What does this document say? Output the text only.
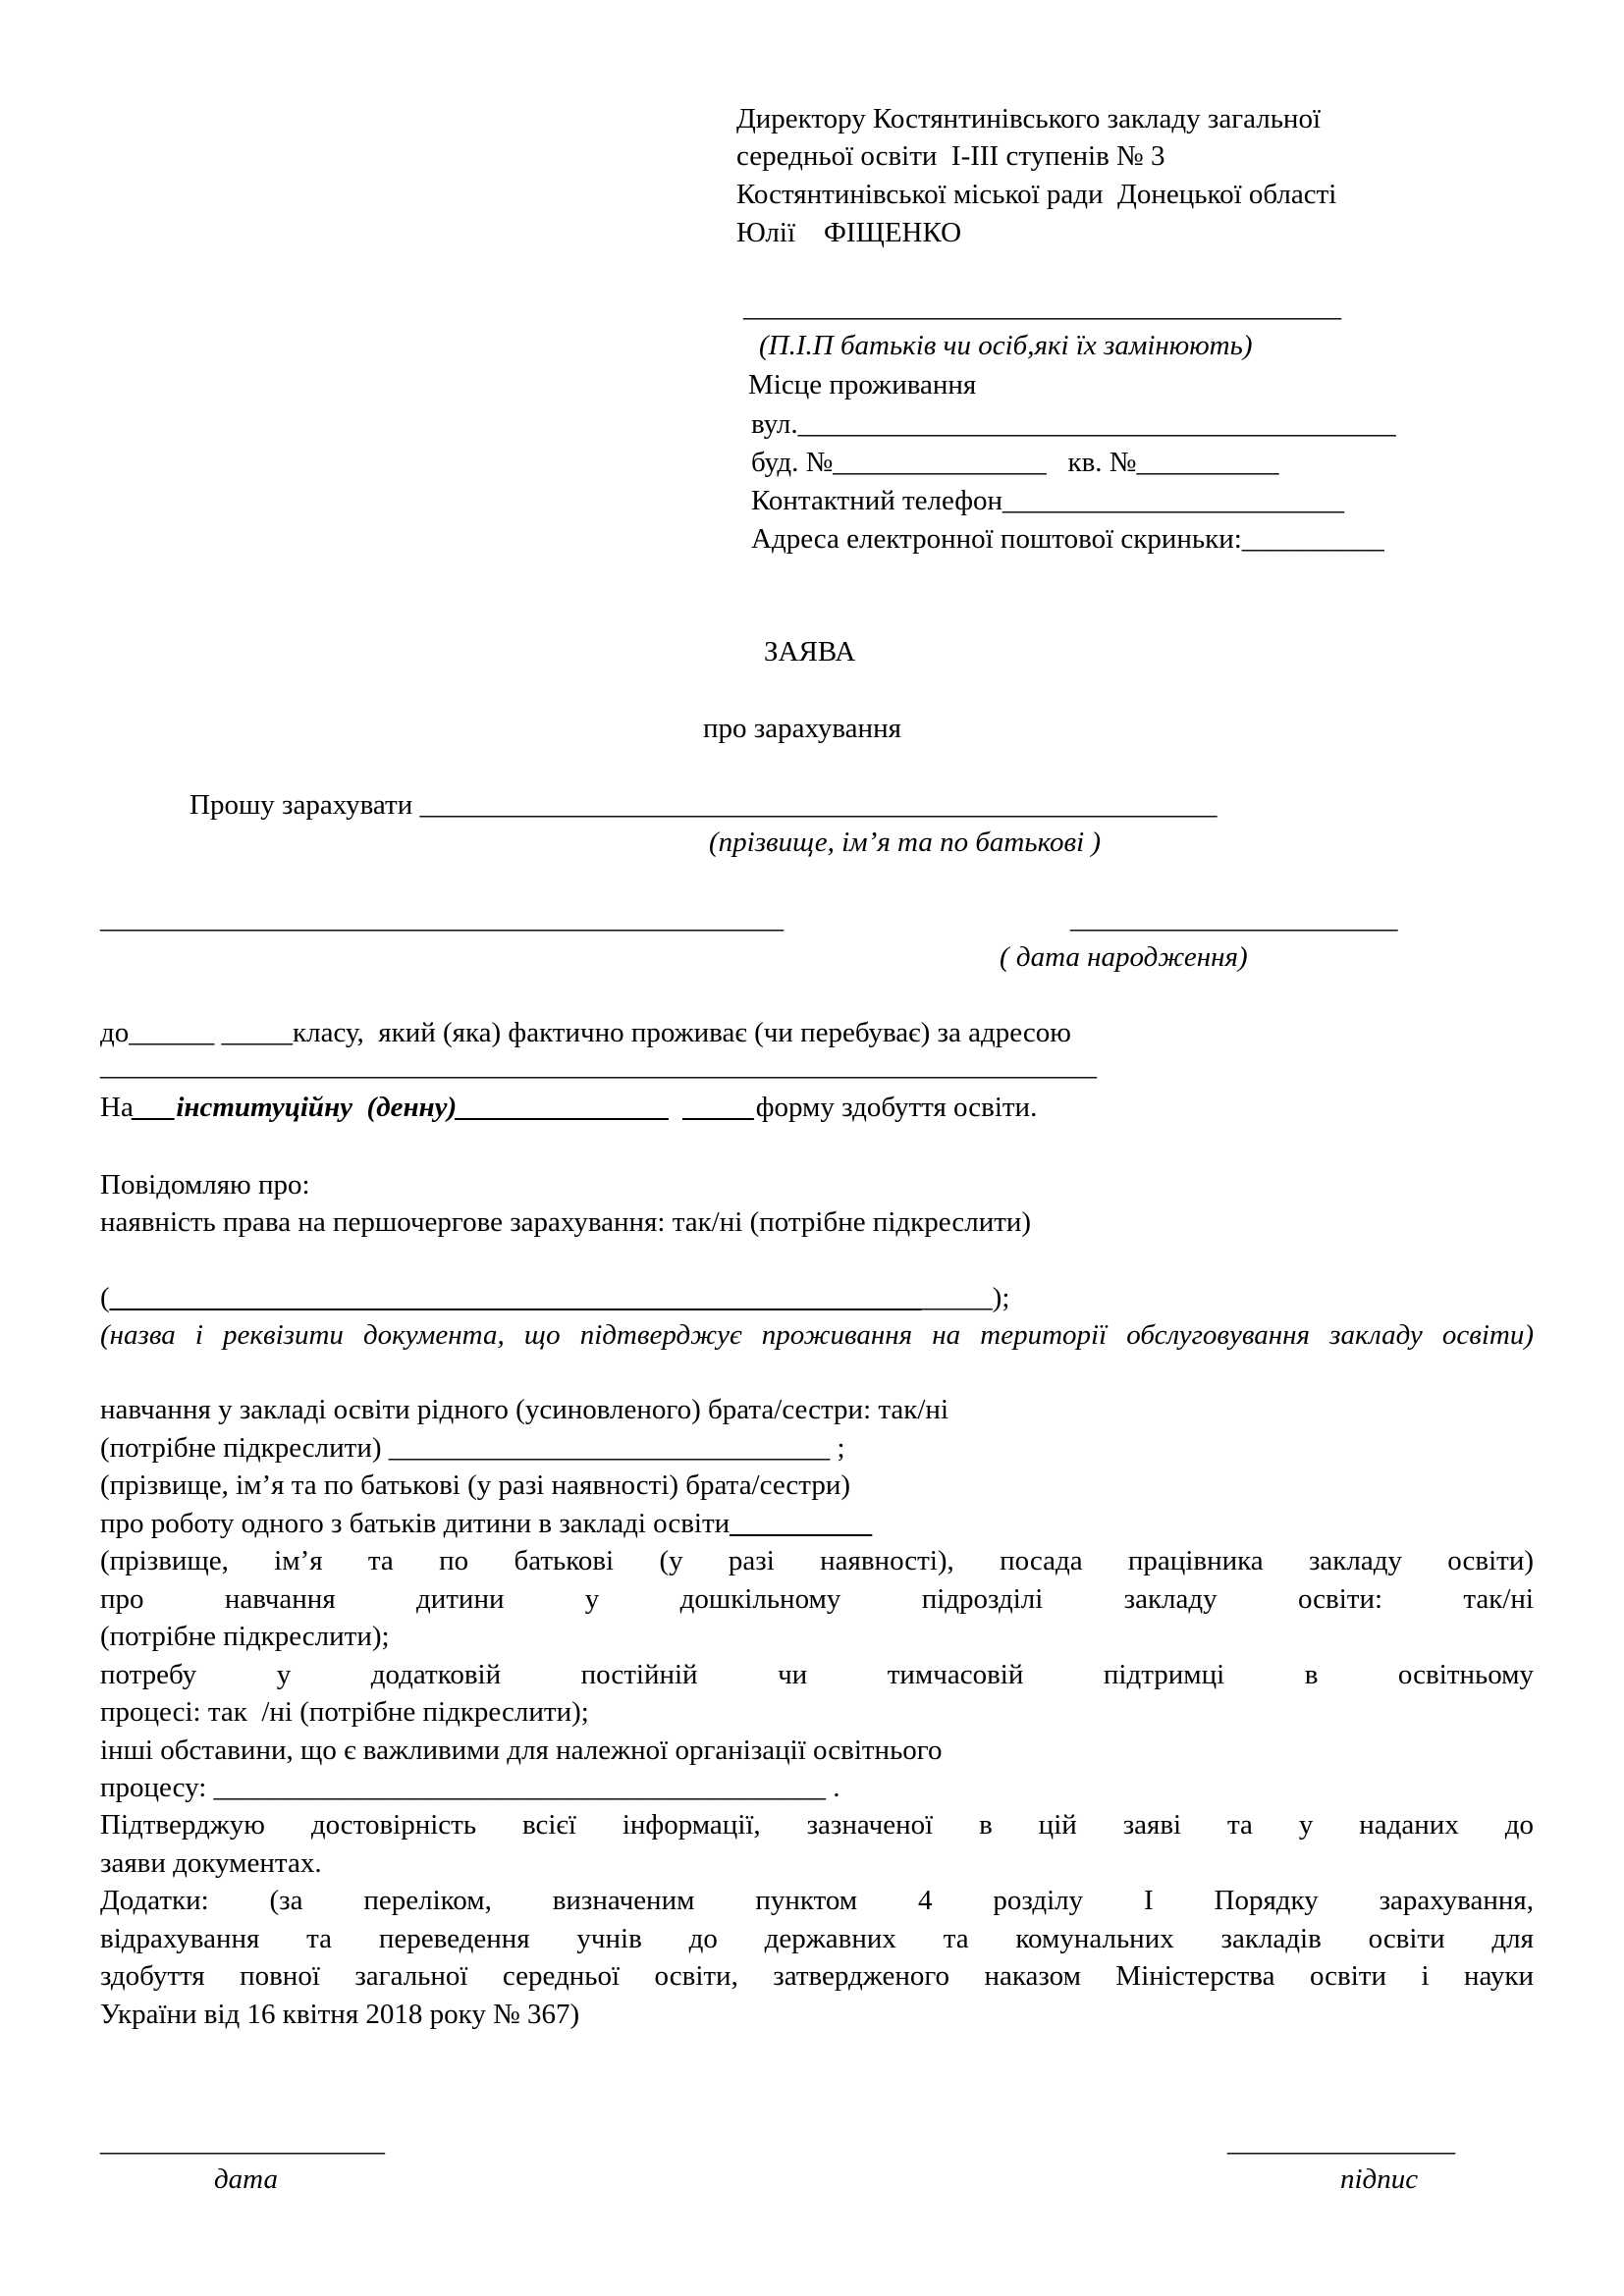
Директору Костянтинівського закладу загальної
середньої освіти  І-ІІІ ступенів № 3
Костянтинівської міської ради  Донецької області
Юлії    ФІЩЕНКО
__________________________________________
(П.І.П батьків чи осіб,які їх замінюють)
Місце проживання
вул.__________________________________________
буд. №_______________   кв. №__________
Контактний телефон________________________
Адреса електронної поштової скриньки:__________
ЗАЯВА
про зарахування
Прошу зарахувати ________________________________________________________
(прізвище, ім’я та по батькові )
________________________________________________	_______________________
( дата народження)
до______ _____класу,  який (яка) фактично проживає (чи перебуває) за адресою
______________________________________________________________________
На___інституційну  (денну)_______________  _____форму здобуття освіти.
Повідомляю про:
наявність права на першочергове зарахування: так/ні (потрібне підкреслити)
(______________________________________________________________);
(назва і реквізити документа, що підтверджує проживання на території обслуговування закладу освіти)
навчання у закладі освіти рідного (усиновленого) брата/сестри: так/ні
(потрібне підкреслити) _______________________________ ;
(прізвище, ім’я та по батькові (у разі наявності) брата/сестри)
про роботу одного з батьків дитини в закладі освіти__________
(прізвище, ім’я та по батькові (у разі наявності), посада працівника закладу освіти)
про навчання дитини у дошкільному підрозділі закладу освіти: так/ні
(потрібне підкреслити);
потребу у додатковій постійній чи тимчасовій підтримці в освітньому
процесі: так  /ні (потрібне підкреслити);
інші обставини, що є важливими для належної організації освітнього
процесу: ___________________________________________ .
Підтверджую достовірність всієї інформації, зазначеної в цій заяві та у наданих до
заяви документах.
Додатки: (за переліком, визначеним пунктом 4 розділу І Порядку зарахування,
відрахування та переведення учнів до державних та комунальних закладів освіти для
здобуття повної загальної середньої освіти, затвердженого наказом Міністерства освіти і науки
України від 16 квітня 2018 року № 367)
____________________
дата
________________
підпис
